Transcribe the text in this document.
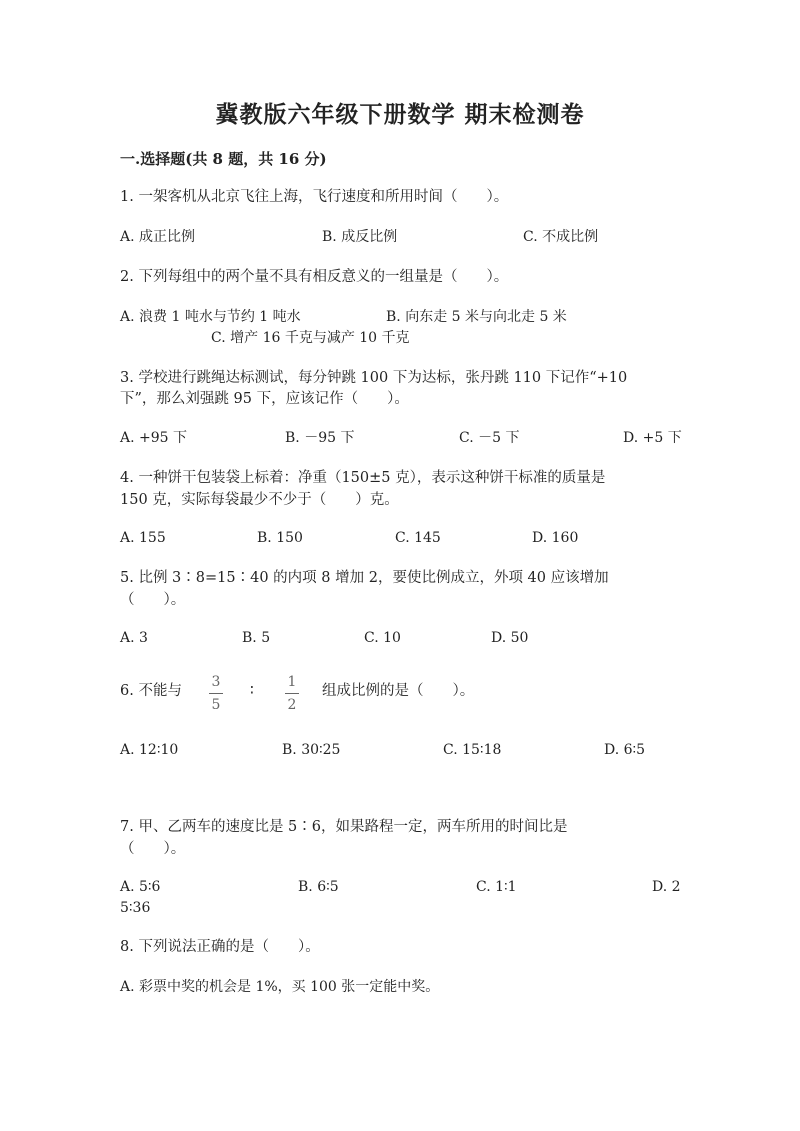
冀教版六年级下册数学 期末检测卷
一.选择题(共 8 题，共 16 分)
1. 一架客机从北京飞往上海，飞行速度和所用时间（　　）。
A. 成正比例	B. 成反比例	C. 不成比例
2. 下列每组中的两个量不具有相反意义的一组量是（　　）。
A. 浪费 1 吨水与节约 1 吨水	B. 向东走 5 米与向北走 5 米
C. 增产 16 千克与减产 10 千克
3. 学校进行跳绳达标测试，每分钟跳 100 下为达标，张丹跳 110 下记作“+10
下”，那么刘强跳 95 下，应该记作（　　）。
A. +95 下	B. －95 下	C. －5 下	D. +5 下
4. 一种饼干包装袋上标着：净重（150±5 克），表示这种饼干标准的质量是
150 克，实际每袋最少不少于（　　）克。
A. 155	B. 150	C. 145	D. 160
5. 比例 3∶8=15∶40 的内项 8 增加 2，要使比例成立，外项 40 应该增加
（　　）。
A. 3	B. 5	C. 10	D. 50
6. 不能与
3
5
∶
1
2
组成比例的是（　　）。
A. 12∶10	B. 30∶25	C. 15∶18	D. 6∶5
7. 甲、乙两车的速度比是 5∶6，如果路程一定，两车所用的时间比是
（　　）。
A. 5∶6	B. 6∶5	C. 1∶1	D. 2
5∶36
8. 下列说法正确的是（　　）。
A. 彩票中奖的机会是 1%，买 100 张一定能中奖。
